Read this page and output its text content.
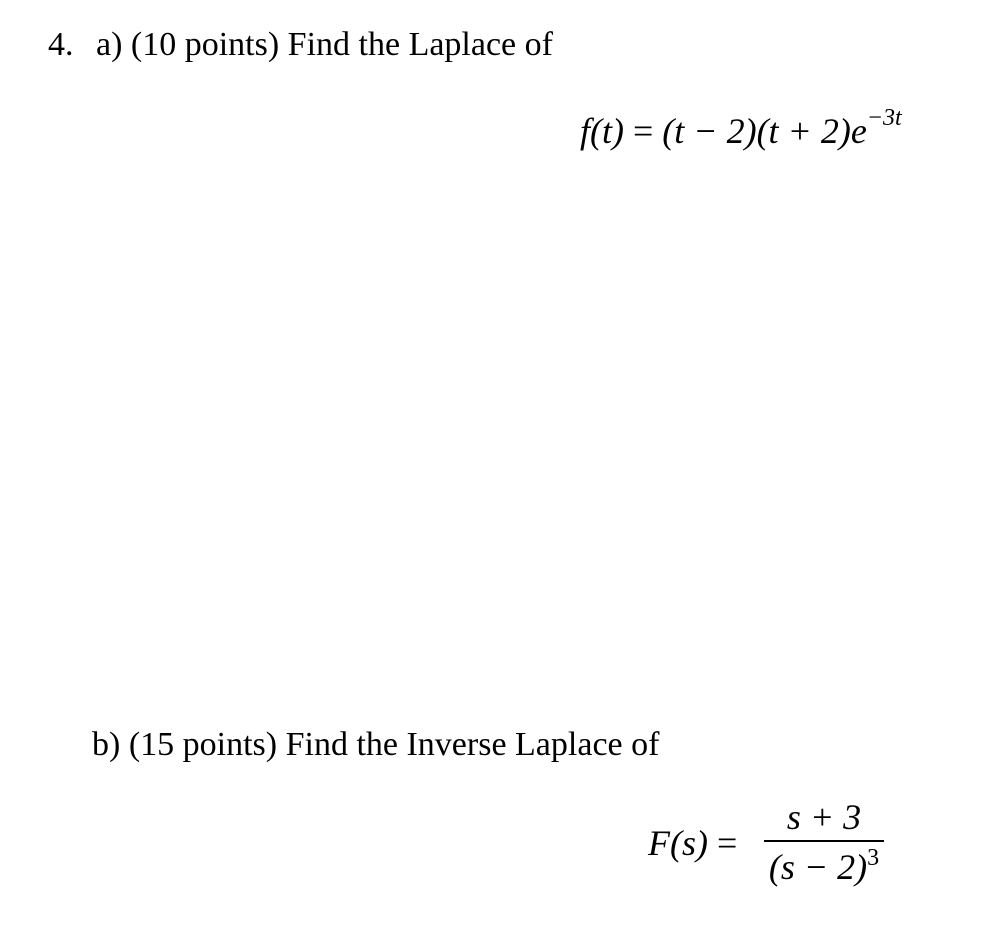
4. a) (10 points) Find the Laplace of
$f(t) = (t - 2)(t + 2)e^{-3t}$
b) (15 points) Find the Inverse Laplace of
F(s) =
s + 3
$(s - 2)^3$
